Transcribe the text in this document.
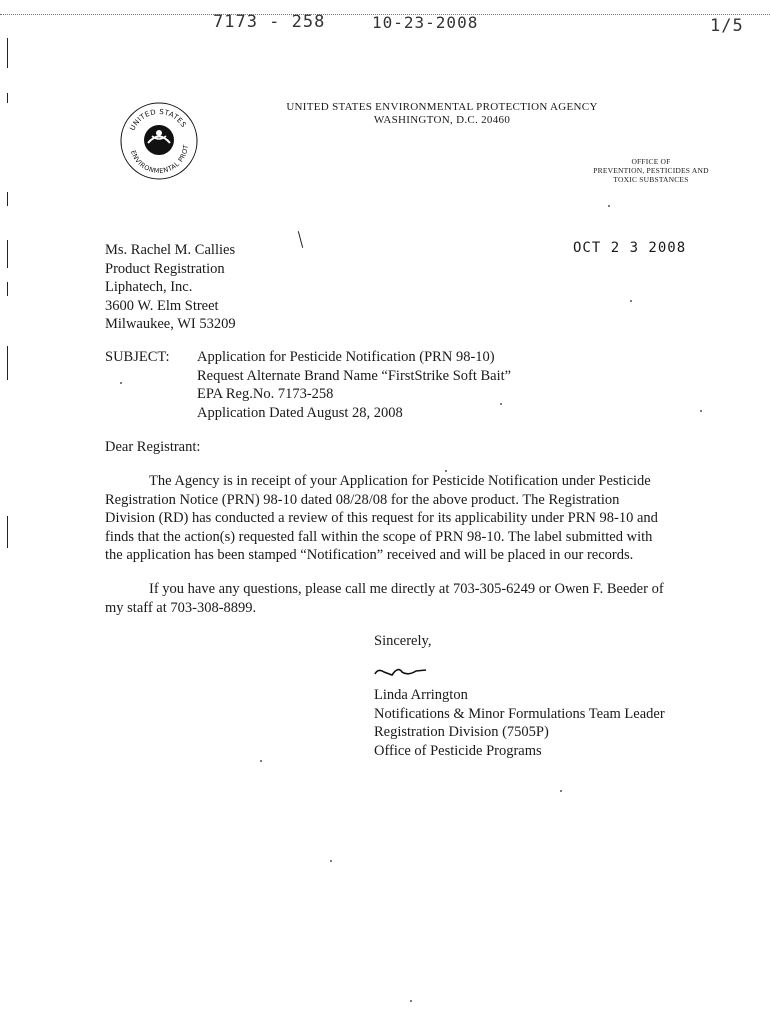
7173 - 258	10-23-2008	1/5
UNITED STATES
ENVIRONMENTAL PROT
UNITED STATES ENVIRONMENTAL PROTECTION AGENCY
WASHINGTON, D.C. 20460
OFFICE OF
PREVENTION, PESTICIDES AND
TOXIC SUBSTANCES
OCT 2 3 2008
Ms. Rachel M. Callies
Product Registration
Liphatech, Inc.
3600 W. Elm Street
Milwaukee, WI 53209
SUBJECT: Application for Pesticide Notification (PRN 98-10)
Request Alternate Brand Name “FirstStrike Soft Bait”
EPA Reg.No. 7173-258
Application Dated August 28, 2008
Dear Registrant:
The Agency is in receipt of your Application for Pesticide Notification under Pesticide
Registration Notice (PRN) 98-10 dated 08/28/08 for the above product. The Registration
Division (RD) has conducted a review of this request for its applicability under PRN 98-10 and
finds that the action(s) requested fall within the scope of PRN 98-10. The label submitted with
the application has been stamped “Notification” received and will be placed in our records.
If you have any questions, please call me directly at 703-305-6249 or Owen F. Beeder of
my staff at 703-308-8899.
Sincerely,
Linda Arrington
Notifications & Minor Formulations Team Leader
Registration Division (7505P)
Office of Pesticide Programs
